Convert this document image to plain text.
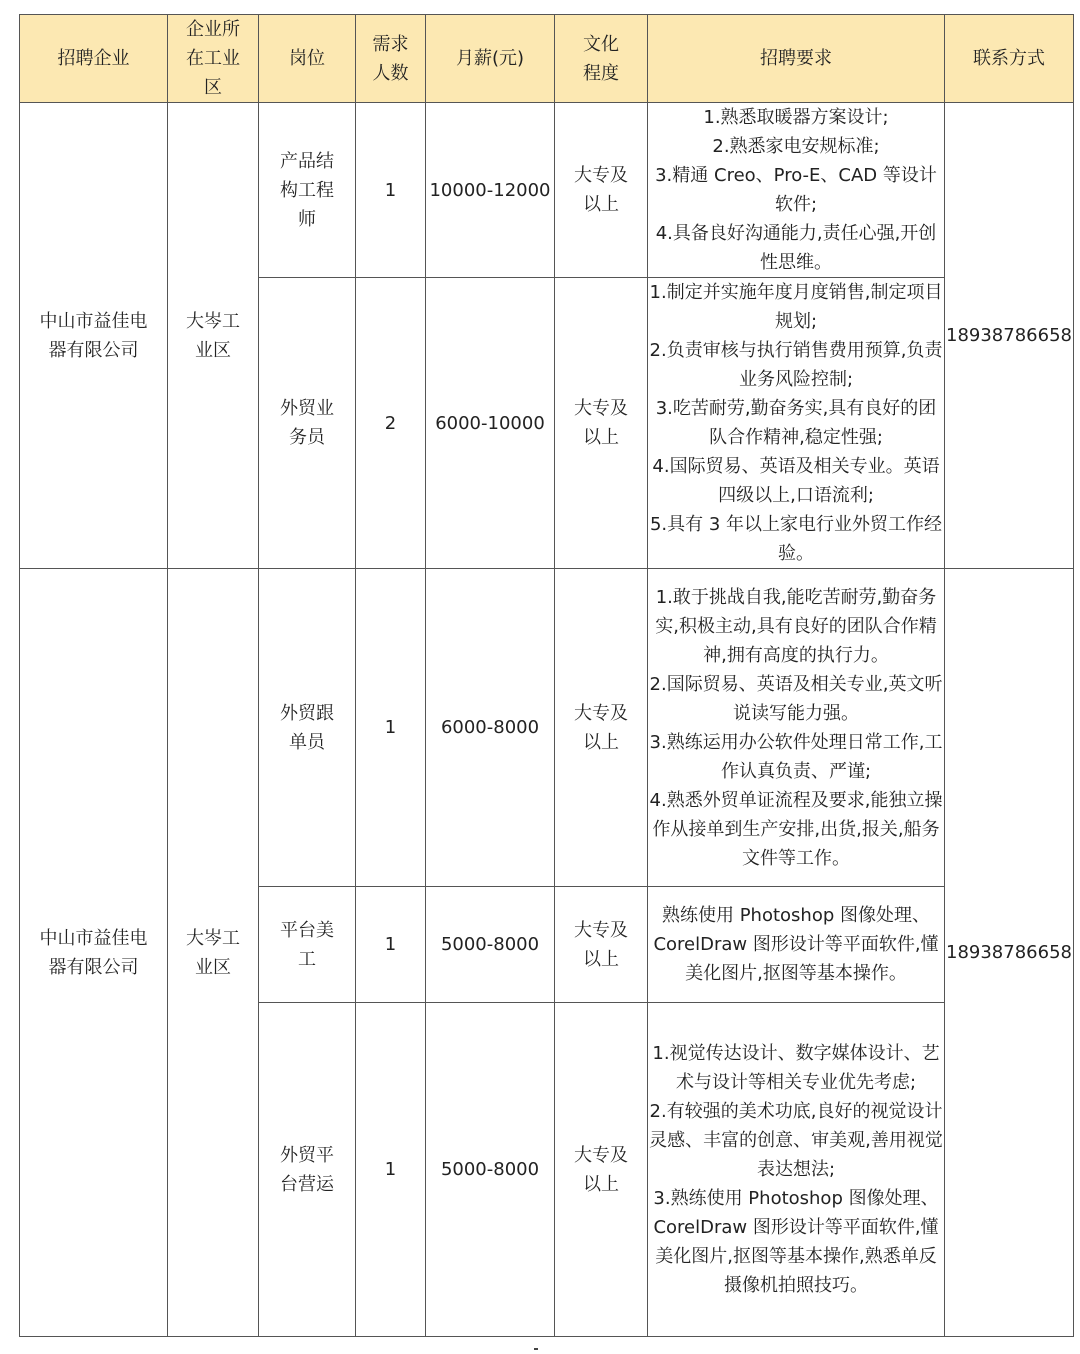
招聘企业	企业所在工业区	岗位	需求人数	月薪(元)	文化程度	招聘要求	联系方式
中山市益佳电器有限公司	大岑工业区	产品结构工程师	1	10000-12000	大专及以上	1.熟悉取暖器方案设计;
2.熟悉家电安规标准;
3.精通 Creo、Pro-E、CAD 等设计软件;
4.具备良好沟通能力,责任心强,开创性思维。	18938786658
		外贸业务员	2	6000-10000	大专及以上	1.制定并实施年度月度销售,制定项目规划;
2.负责审核与执行销售费用预算,负责业务风险控制;
3.吃苦耐劳,勤奋务实,具有良好的团队合作精神,稳定性强;
4.国际贸易、英语及相关专业。英语四级以上,口语流利;
5.具有 3 年以上家电行业外贸工作经验。	

中山市益佳电器有限公司	大岑工业区	外贸跟单员	1	6000-8000	大专及以上	1.敢于挑战自我,能吃苦耐劳,勤奋务实,积极主动,具有良好的团队合作精神,拥有高度的执行力。
2.国际贸易、英语及相关专业,英文听说读写能力强。
3.熟练运用办公软件处理日常工作,工作认真负责、严谨;
4.熟悉外贸单证流程及要求,能独立操作从接单到生产安排,出货,报关,船务文件等工作。	18938786658
		平台美工	1	5000-8000	大专及以上	熟练使用 Photoshop 图像处理、CorelDraw 图形设计等平面软件,懂美化图片,抠图等基本操作。	

		外贸平台营运	1	5000-8000	大专及以上	1.视觉传达设计、数字媒体设计、艺术与设计等相关专业优先考虑;
2.有较强的美术功底,良好的视觉设计灵感、丰富的创意、审美观,善用视觉表达想法;
3.熟练使用 Photoshop 图像处理、CorelDraw 图形设计等平面软件,懂美化图片,抠图等基本操作,熟悉单反摄像机拍照技巧。	
